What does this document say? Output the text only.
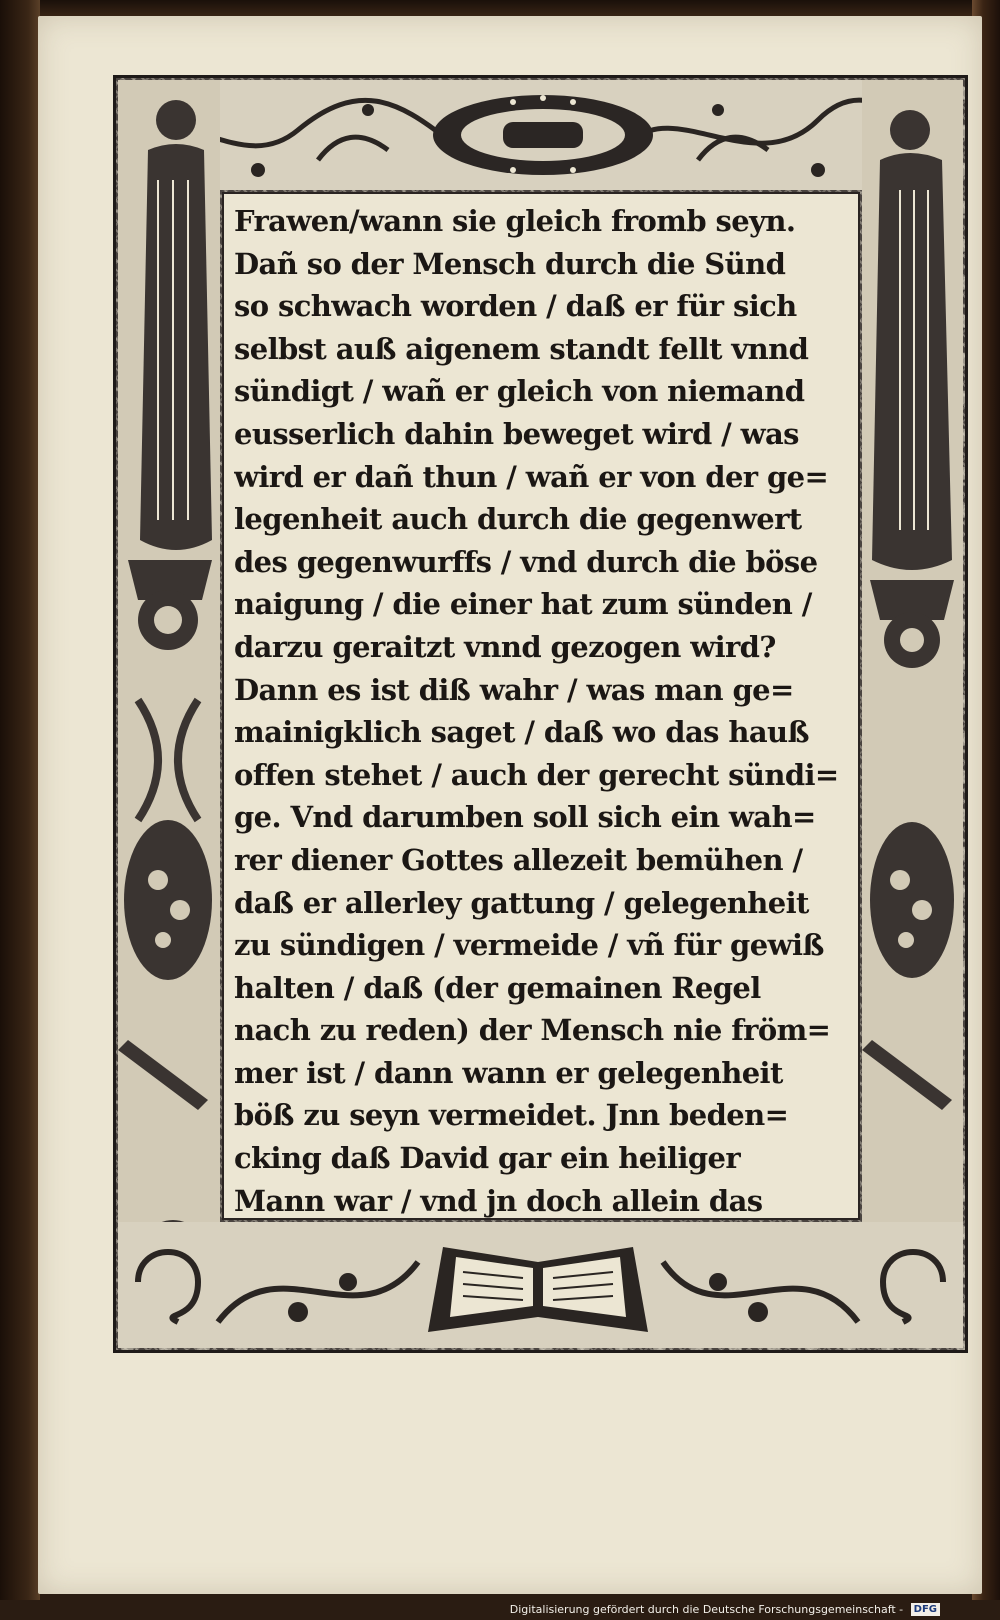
Frawen/wann sie gleich fromb seyn.
Dañ so der Mensch durch die Sünd
so schwach worden / daß er für sich
selbst auß aigenem standt fellt vnnd
sündigt / wañ er gleich von niemand
eusserlich dahin beweget wird / was
wird er dañ thun / wañ er von der ge=
legenheit auch durch die gegenwert
des gegenwurffs / vnd durch die böse
naigung / die einer hat zum sünden /
darzu geraitzt vnnd gezogen wird?
Dann es ist diß wahr / was man ge=
mainigklich saget / daß wo das hauß
offen stehet / auch der gerecht sündi=
ge. Vnd darumben soll sich ein wah=
rer diener Gottes allezeit bemühen /
daß er allerley gattung / gelegenheit
zu sündigen / vermeide / vñ für gewiß
halten / daß (der gemainen Regel
nach zu reden) der Mensch nie fröm=
mer ist / dann wann er gelegenheit
böß zu seyn vermeidet. Jnn beden=
cking daß David gar ein heiliger
Mann war / vnd jn doch allein das
Digitalisierung gefördert durch die Deutsche Forschungsgemeinschaft - DFG
